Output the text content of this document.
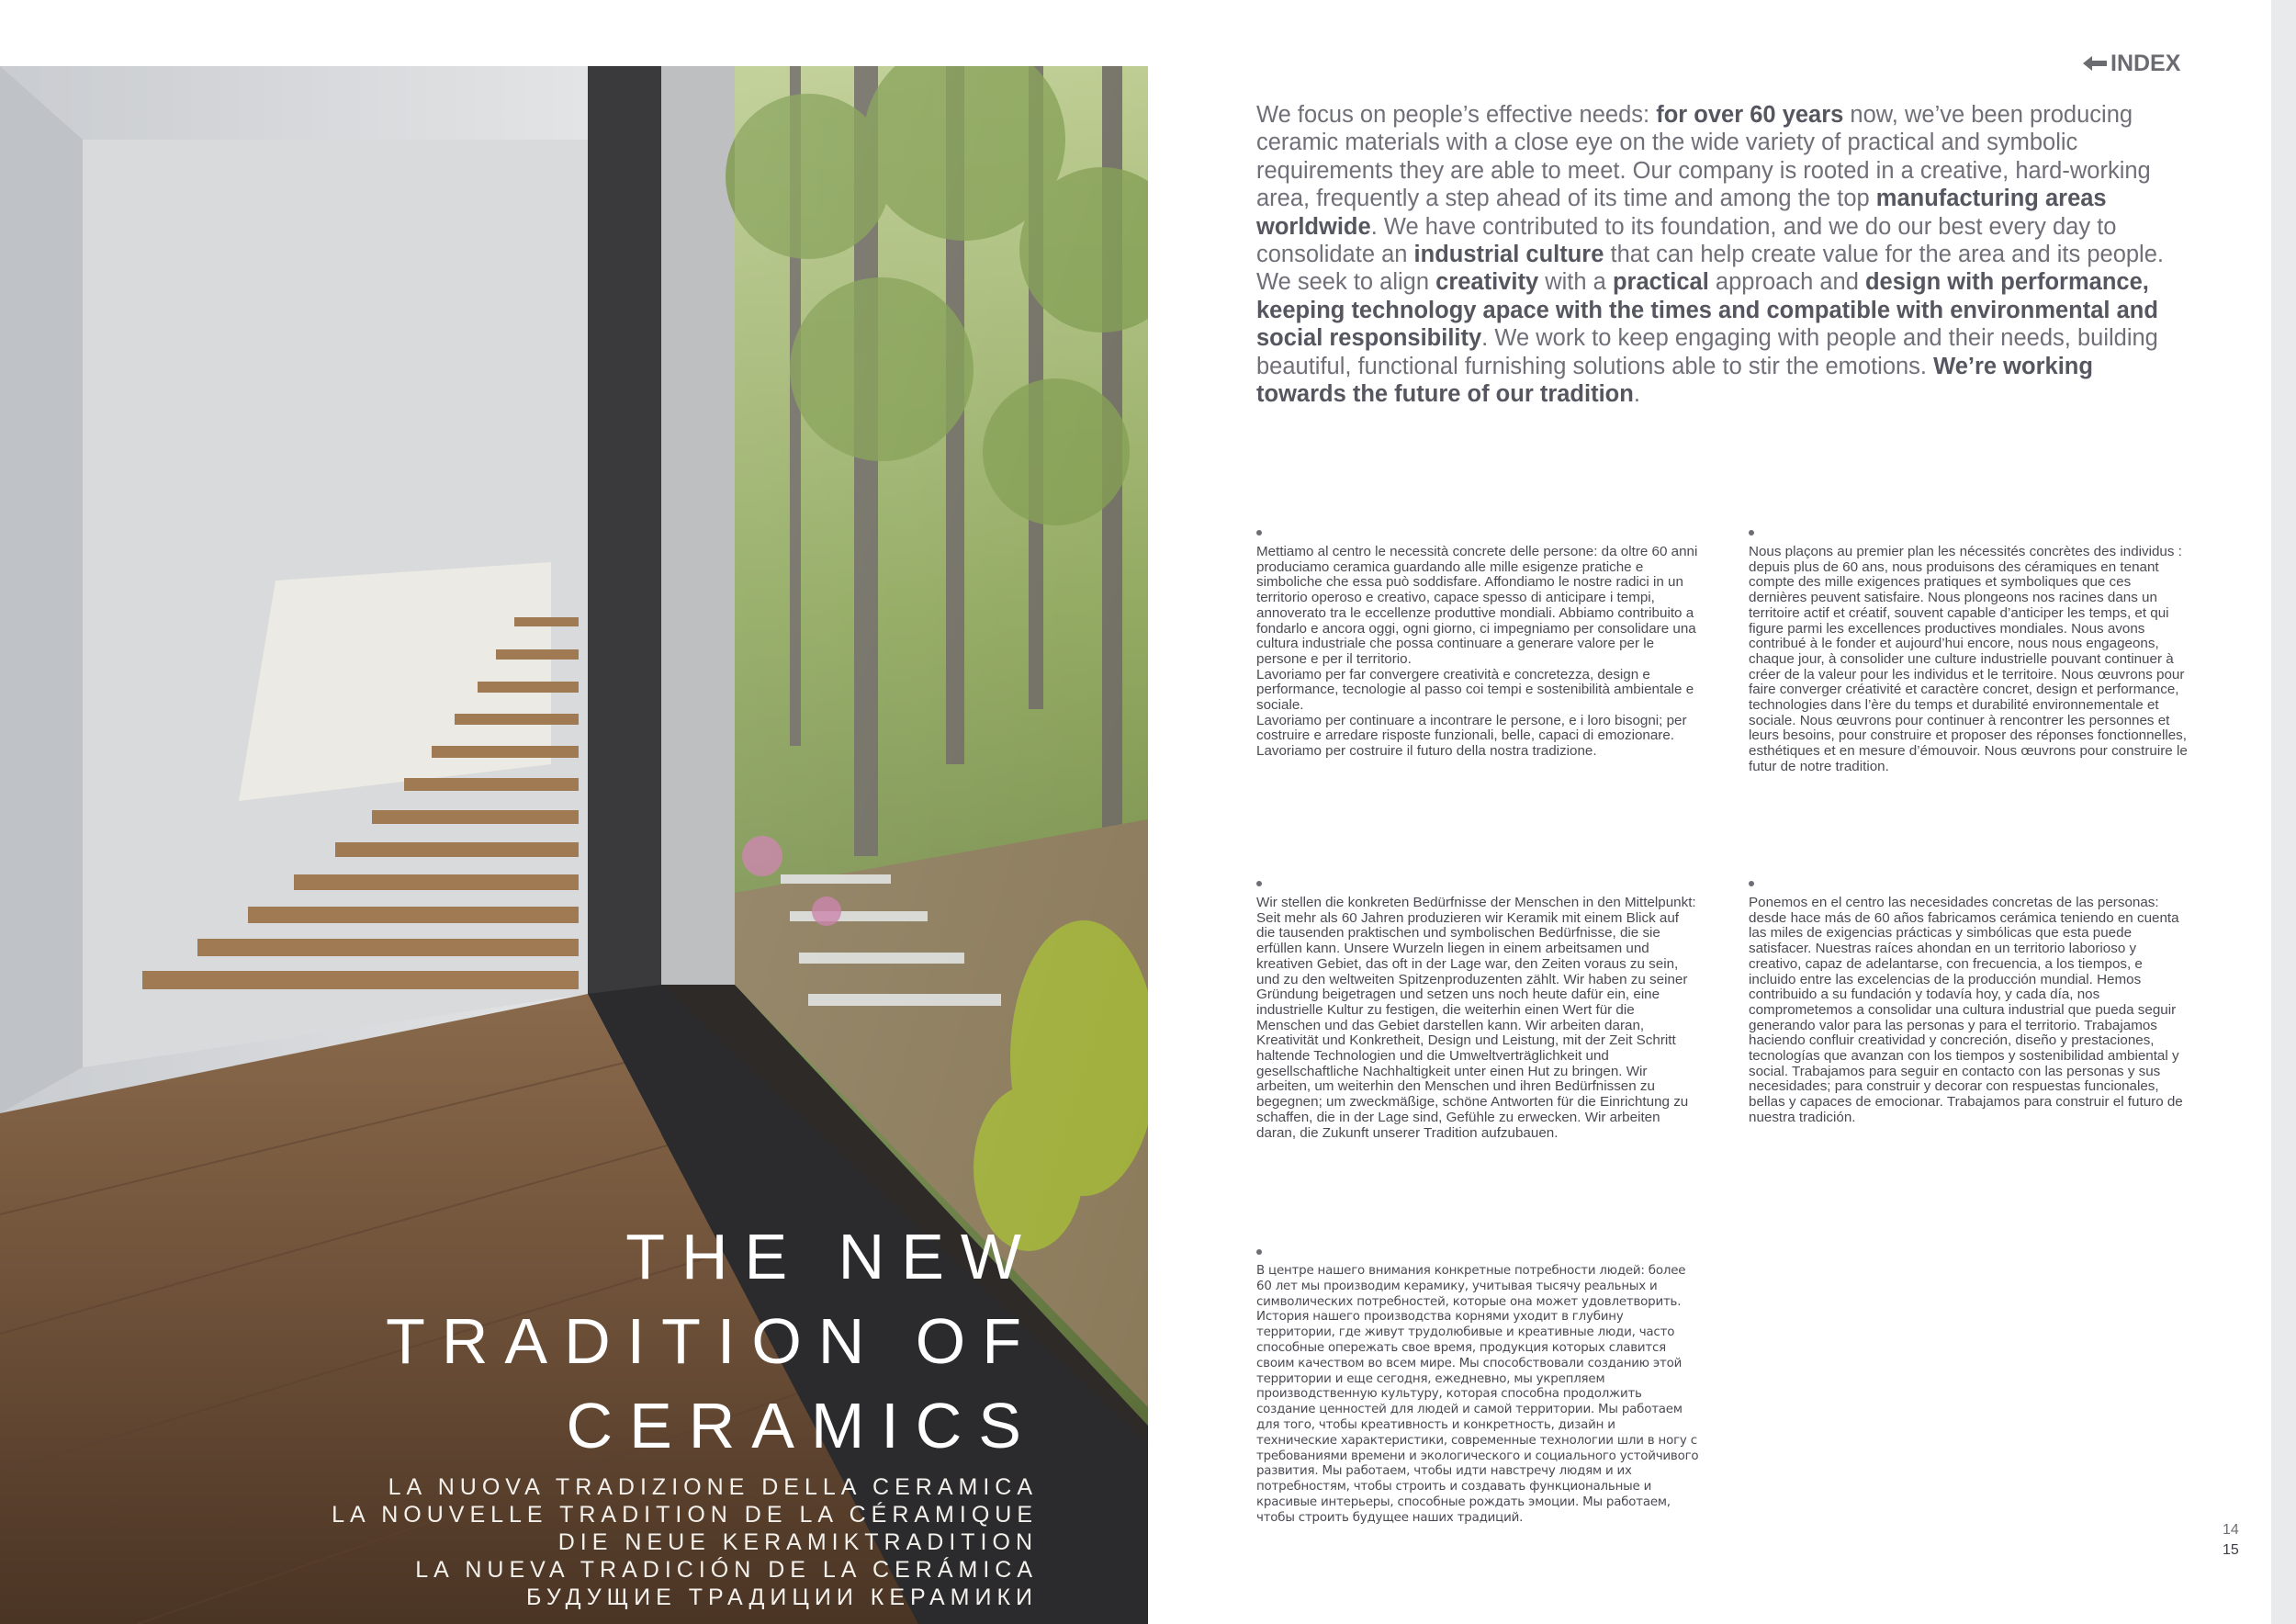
THE NEW
TRADITION OF
CERAMICS
LA NUOVA TRADIZIONE DELLA CERAMICA
LA NOUVELLE TRADITION DE LA CÉRAMIQUE
DIE NEUE KERAMIKTRADITION
LA NUEVA TRADICIÓN DE LA CERÁMICA
БУДУЩИЕ ТРАДИЦИИ КЕРАМИКИ
INDEX
We focus on people’s effective needs: for over 60 years now, we’ve been producing ceramic materials with a close eye on the wide variety of practical and symbolic requirements they are able to meet. Our company is rooted in a creative, hard-working area, frequently a step ahead of its time and among the top manufacturing areas worldwide. We have contributed to its foundation, and we do our best every day to consolidate an industrial culture that can help create value for the area and its people. We seek to align creativity with a practical approach and design with performance, keeping technology apace with the times and compatible with environmental and social responsibility. We work to keep engaging with people and their needs, building beautiful, functional furnishing solutions able to stir the emotions. We’re working towards the future of our tradition.

Mettiamo al centro le necessità concrete delle persone: da oltre 60 anni produciamo ceramica guardando alle mille esigenze pratiche e simboliche che essa può soddisfare. Affondiamo le nostre radici in un territorio operoso e creativo, capace spesso di anticipare i tempi, annoverato tra le eccellenze produttive mondiali. Abbiamo contribuito a fondarlo e ancora oggi, ogni giorno, ci impegniamo per consolidare una cultura industriale che possa continuare a generare valore per le persone e per il territorio.
Lavoriamo per far convergere creatività e concretezza, design e performance, tecnologie al passo coi tempi e sostenibilità ambientale e sociale.
Lavoriamo per continuare a incontrare le persone, e i loro bisogni; per costruire e arredare risposte funzionali, belle, capaci di emozionare. Lavoriamo per costruire il futuro della nostra tradizione.

Nous plaçons au premier plan les nécessités concrètes des individus : depuis plus de 60 ans, nous produisons des céramiques en tenant compte des mille exigences pratiques et symboliques que ces dernières peuvent satisfaire. Nous plongeons nos racines dans un territoire actif et créatif, souvent capable d’anticiper les temps, et qui figure parmi les excellences productives mondiales. Nous avons contribué à le fonder et aujourd’hui encore, nous nous engageons, chaque jour, à consolider une culture industrielle pouvant continuer à créer de la valeur pour les individus et le territoire. Nous œuvrons pour faire converger créativité et caractère concret, design et performance, technologies dans l’ère du temps et durabilité environnementale et sociale. Nous œuvrons pour continuer à rencontrer les personnes et leurs besoins, pour construire et proposer des réponses fonctionnelles, esthétiques et en mesure d’émouvoir. Nous œuvrons pour construire le futur de notre tradition.

Wir stellen die konkreten Bedürfnisse der Menschen in den Mittelpunkt: Seit mehr als 60 Jahren produzieren wir Keramik mit einem Blick auf die tausenden praktischen und symbolischen Bedürfnisse, die sie erfüllen kann. Unsere Wurzeln liegen in einem arbeitsamen und kreativen Gebiet, das oft in der Lage war, den Zeiten voraus zu sein, und zu den weltweiten Spitzenproduzenten zählt. Wir haben zu seiner Gründung beigetragen und setzen uns noch heute dafür ein, eine industrielle Kultur zu festigen, die weiterhin einen Wert für die Menschen und das Gebiet darstellen kann. Wir arbeiten daran, Kreativität und Konkretheit, Design und Leistung, mit der Zeit Schritt haltende Technologien und die Umweltverträglichkeit und gesellschaftliche Nachhaltigkeit unter einen Hut zu bringen. Wir arbeiten, um weiterhin den Menschen und ihren Bedürfnissen zu begegnen; um zweckmäßige, schöne Antworten für die Einrichtung zu schaffen, die in der Lage sind, Gefühle zu erwecken. Wir arbeiten daran, die Zukunft unserer Tradition aufzubauen.

Ponemos en el centro las necesidades concretas de las personas: desde hace más de 60 años fabricamos cerámica teniendo en cuenta las miles de exigencias prácticas y simbólicas que esta puede satisfacer. Nuestras raíces ahondan en un territorio laborioso y creativo, capaz de adelantarse, con frecuencia, a los tiempos, e incluido entre las excelencias de la producción mundial. Hemos contribuido a su fundación y todavía hoy, y cada día, nos comprometemos a consolidar una cultura industrial que pueda seguir generando valor para las personas y para el territorio. Trabajamos haciendo confluir creatividad y concreción, diseño y prestaciones, tecnologías que avanzan con los tiempos y sostenibilidad ambiental y social. Trabajamos para seguir en contacto con las personas y sus necesidades; para construir y decorar con respuestas funcionales, bellas y capaces de emocionar. Trabajamos para construir el futuro de nuestra tradición.

В центре нашего внимания конкретные потребности людей: более 60 лет мы производим керамику, учитывая тысячу реальных и символических потребностей, которые она может удовлетворить. История нашего производства корнями уходит в глубину территории, где живут трудолюбивые и креативные люди, часто способные опережать свое время, продукция которых славится своим качеством во всем мире. Мы способствовали созданию этой территории и еще сегодня, ежедневно, мы укрепляем производственную культуру, которая способна продолжить создание ценностей для людей и самой территории. Мы работаем для того, чтобы креативность и конкретность, дизайн и технические характеристики, современные технологии шли в ногу с требованиями времени и экологического и социального устойчивого развития. Мы работаем, чтобы идти навстречу людям и их потребностям, чтобы строить и создавать функциональные и красивые интерьеры, способные рождать эмоции. Мы работаем, чтобы строить будущее наших традиций.

14
15
